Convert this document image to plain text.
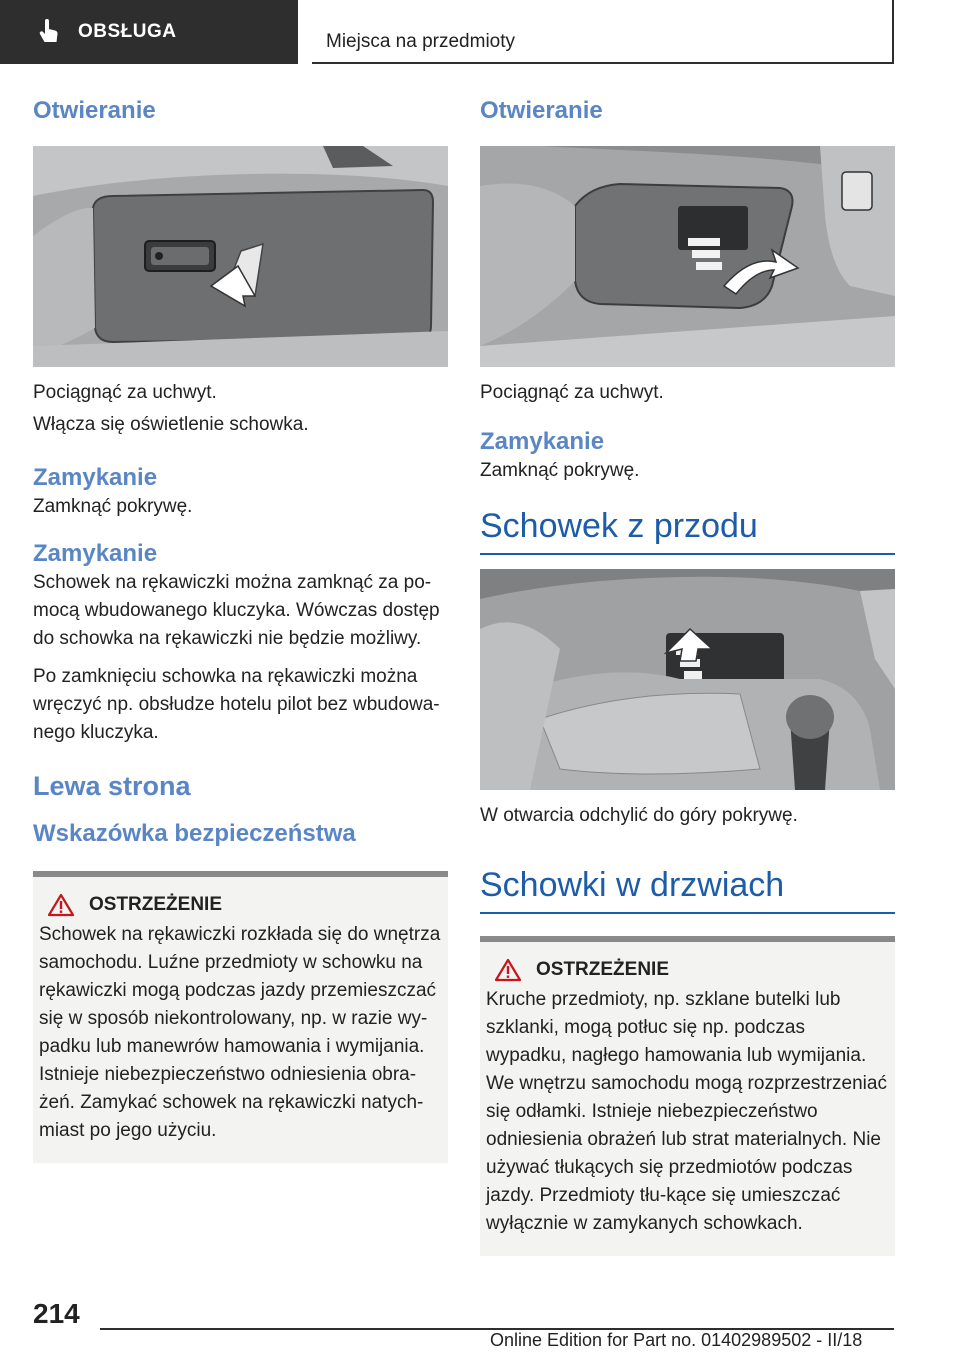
OBSŁUGA	Miejsca na przedmioty
Otwieranie

Pociągnąć za uchwyt.

Włącza się oświetlenie schowka.

Zamykanie

Zamknąć pokrywę.

Zamykanie

Schowek na rękawiczki można zamknąć za po-mocą wbudowanego kluczyka. Wówczas dostęp do schowka na rękawiczki nie będzie możliwy.

Po zamknięciu schowka na rękawiczki można wręczyć np. obsłudze hotelu pilot bez wbudowa-nego kluczyka.

Lewa strona
Wskazówka bezpieczeństwa
OSTRZEŻENIE

Schowek na rękawiczki rozkłada się do wnętrza samochodu. Luźne przedmioty w schowku na rękawiczki mogą podczas jazdy przemieszczać się w sposób niekontrolowany, np. w razie wy-padku lub manewrów hamowania i wymijania. Istnieje niebezpieczeństwo odniesienia obra-żeń. Zamykać schowek na rękawiczki natych-miast po jego użyciu.

Otwieranie

Pociągnąć za uchwyt.

Zamykanie

Zamknąć pokrywę.

Schowek z przodu

W otwarcia odchylić do góry pokrywę.

Schowki w drzwiach
OSTRZEŻENIE

Kruche przedmioty, np. szklane butelki lub szklanki, mogą potłuc się np. podczas wypadku, nagłego hamowania lub wymijania. We wnętrzu samochodu mogą rozprzestrzeniać się odłamki. Istnieje niebezpieczeństwo odniesienia obrażeń lub strat materialnych. Nie używać tłukących się przedmiotów podczas jazdy. Przedmioty tłu-kące się umieszczać wyłącznie w zamykanych schowkach.

214
Online Edition for Part no. 01402989502 - II/18
